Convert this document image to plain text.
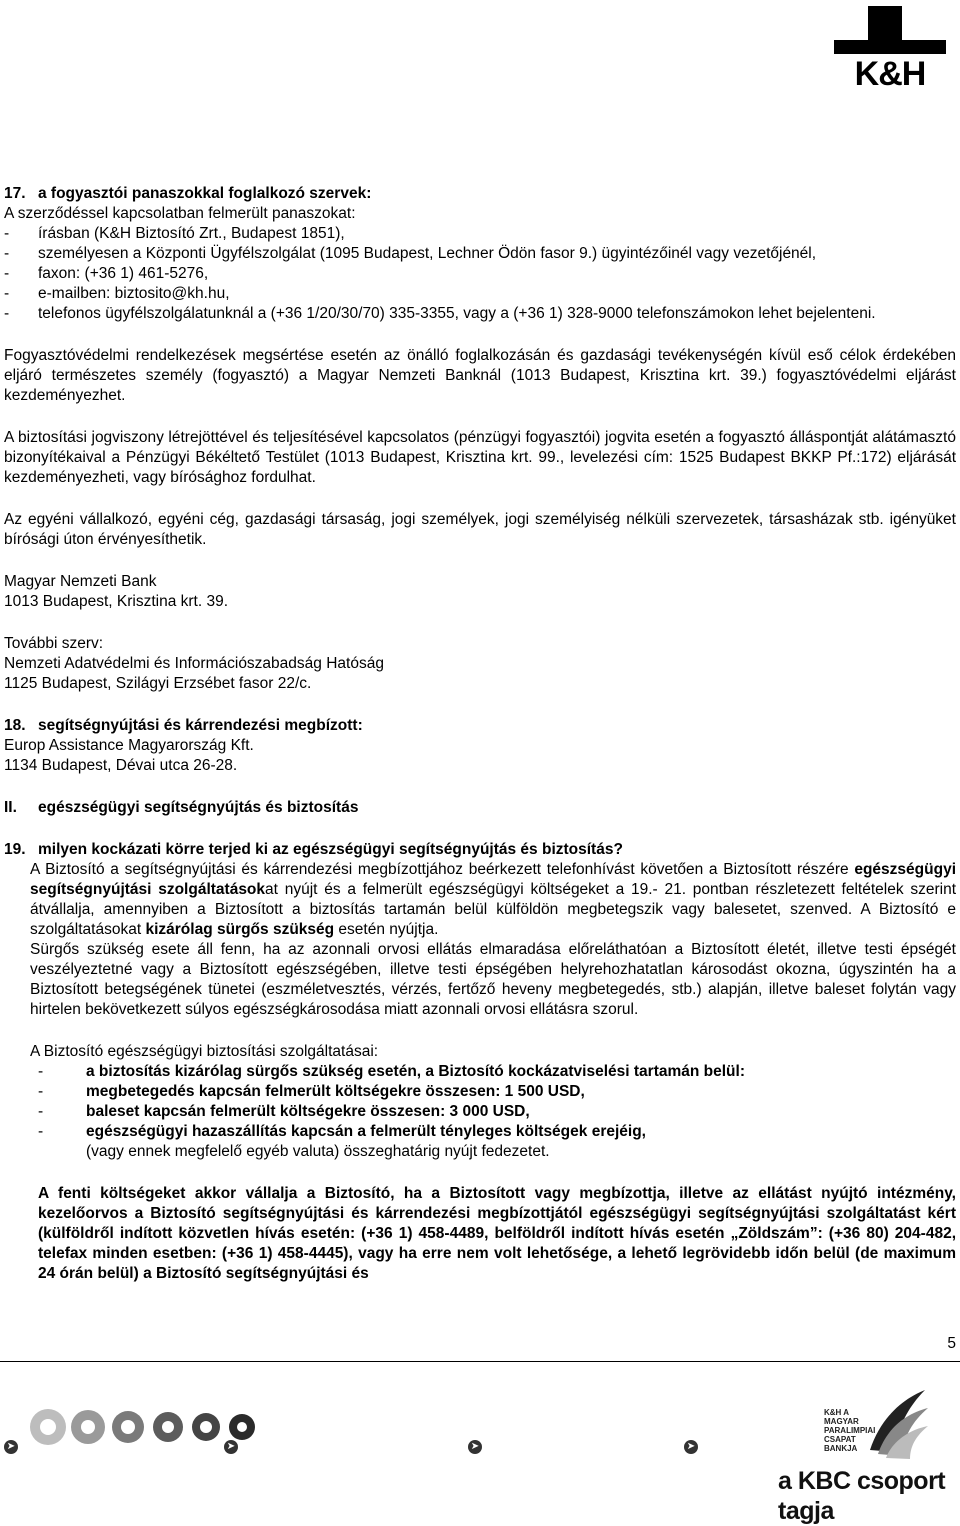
K&H

17. a fogyasztói panaszokkal foglalkozó szervek:

A szerződéssel kapcsolatban felmerült panaszokat:

-	írásban (K&H Biztosító Zrt., Budapest 1851),
-	személyesen a Központi Ügyfélszolgálat (1095 Budapest, Lechner Ödön fasor 9.) ügyintézőinél vagy vezetőjénél,
-	faxon: (+36 1) 461-5276,
-	e-mailben: biztosito@kh.hu,
-	telefonos ügyfélszolgálatunknál a (+36 1/20/30/70) 335-3355, vagy a (+36 1) 328-9000 telefonszámokon lehet bejelenteni.

Fogyasztóvédelmi rendelkezések megsértése esetén az önálló foglalkozásán és gazdasági tevékenységén kívül eső célok érdekében eljáró természetes személy (fogyasztó) a Magyar Nemzeti Banknál (1013 Budapest, Krisztina krt. 39.) fogyasztóvédelmi eljárást kezdeményezhet.

A biztosítási jogviszony létrejöttével és teljesítésével kapcsolatos (pénzügyi fogyasztói) jogvita esetén a fogyasztó álláspontját alátámasztó bizonyítékaival a Pénzügyi Békéltető Testület (1013 Budapest, Krisztina krt. 99., levelezési cím: 1525 Budapest BKKP Pf.:172) eljárását kezdeményezheti, vagy bírósághoz fordulhat.

Az egyéni vállalkozó, egyéni cég, gazdasági társaság, jogi személyek, jogi személyiség nélküli szervezetek, társasházak stb. igényüket bírósági úton érvényesíthetik.

Magyar Nemzeti Bank

1013 Budapest, Krisztina krt. 39.

További szerv:

Nemzeti Adatvédelmi és Információszabadság Hatóság

1125 Budapest, Szilágyi Erzsébet fasor 22/c.

18. segítségnyújtási és kárrendezési megbízott:

Europ Assistance Magyarország Kft.

1134 Budapest, Dévai utca 26-28.

II. egészségügyi segítségnyújtás és biztosítás

19. milyen kockázati körre terjed ki az egészségügyi segítségnyújtás és biztosítás?

A Biztosító a segítségnyújtási és kárrendezési megbízottjához beérkezett telefonhívást követően a Biztosított részére egészségügyi segítségnyújtási szolgáltatásokat nyújt és a felmerült egészségügyi költségeket a 19.- 21. pontban részletezett feltételek szerint átvállalja, amennyiben a Biztosított a biztosítás tartamán belül külföldön megbetegszik vagy balesetet, szenved. A Biztosító e szolgáltatásokat kizárólag sürgős szükség esetén nyújtja.

Sürgős szükség esete áll fenn, ha az azonnali orvosi ellátás elmaradása előreláthatóan a Biztosított életét, illetve testi épségét veszélyeztetné vagy a Biztosított egészségében, illetve testi épségében helyrehozhatatlan károsodást okozna, úgyszintén ha a Biztosított betegségének tünetei (eszméletvesztés, vérzés, fertőző heveny megbetegedés, stb.) alapján, illetve baleset folytán vagy hirtelen bekövetkezett súlyos egészségkárosodása miatt azonnali orvosi ellátásra szorul.

A Biztosító egészségügyi biztosítási szolgáltatásai:

-	a biztosítás kizárólag sürgős szükség esetén, a Biztosító kockázatviselési tartamán belül:
-	megbetegedés kapcsán felmerült költségekre összesen: 1 500 USD,
-	baleset kapcsán felmerült költségekre összesen: 3 000 USD,
-	egészségügyi hazaszállítás kapcsán a felmerült tényleges költségek erejéig,
(vagy ennek megfelelő egyéb valuta) összeghatárig nyújt fedezetet.

A fenti költségeket akkor vállalja a Biztosító, ha a Biztosított vagy megbízottja, illetve az ellátást nyújtó intézmény, kezelőorvos a Biztosító segítségnyújtási és kárrendezési megbízottjától egészségügyi segítségnyújtási szolgáltatást kért (külföldről indított közvetlen hívás esetén: (+36 1) 458-4489, belföldről indított hívás esetén „Zöldszám”: (+36 80) 204-482, telefax minden esetben: (+36 1) 458-4445), vagy ha erre nem volt lehetősége, a lehető legrövidebb időn belül (de maximum 24 órán belül) a Biztosító segítségnyújtási és

5
➤	➤	➤	➤
K&H A MAGYAR PARALIMPIAI CSAPAT BANKJA
a KBC csoport tagja
